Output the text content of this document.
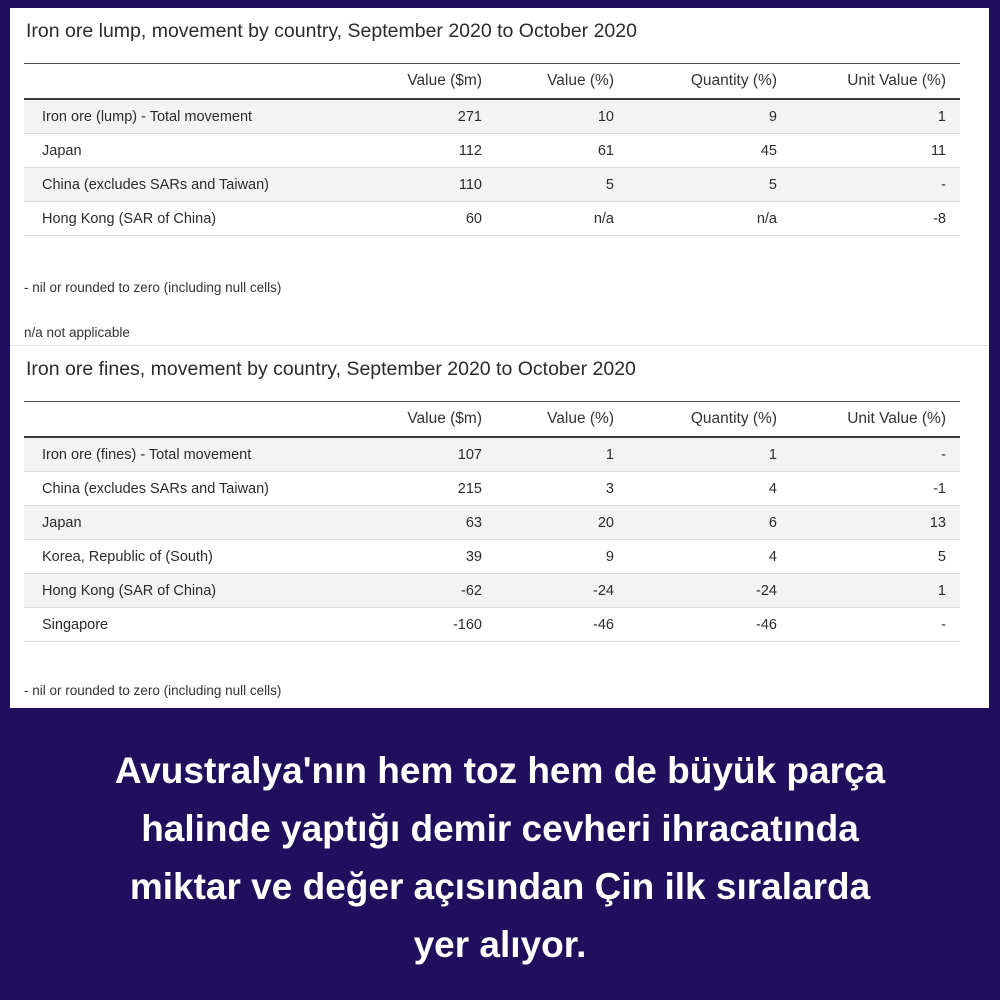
Iron ore lump, movement by country, September 2020 to October 2020
	Value ($m)	Value (%)	Quantity (%)	Unit Value (%)
Iron ore (lump) - Total movement	271	10	9	1
Japan	112	61	45	11
China (excludes SARs and Taiwan)	110	5	5	-
Hong Kong (SAR of China)	60	n/a	n/a	-8
- nil or rounded to zero (including null cells)
n/a not applicable
Iron ore fines, movement by country, September 2020 to October 2020
	Value ($m)	Value (%)	Quantity (%)	Unit Value (%)
Iron ore (fines) - Total movement	107	1	1	-
China (excludes SARs and Taiwan)	215	3	4	-1
Japan	63	20	6	13
Korea, Republic of (South)	39	9	4	5
Hong Kong (SAR of China)	-62	-24	-24	1
Singapore	-160	-46	-46	-
- nil or rounded to zero (including null cells)
Avustralya'nın hem toz hem de büyük parça
halinde yaptığı demir cevheri ihracatında
miktar ve değer açısından Çin ilk sıralarda
yer alıyor.
